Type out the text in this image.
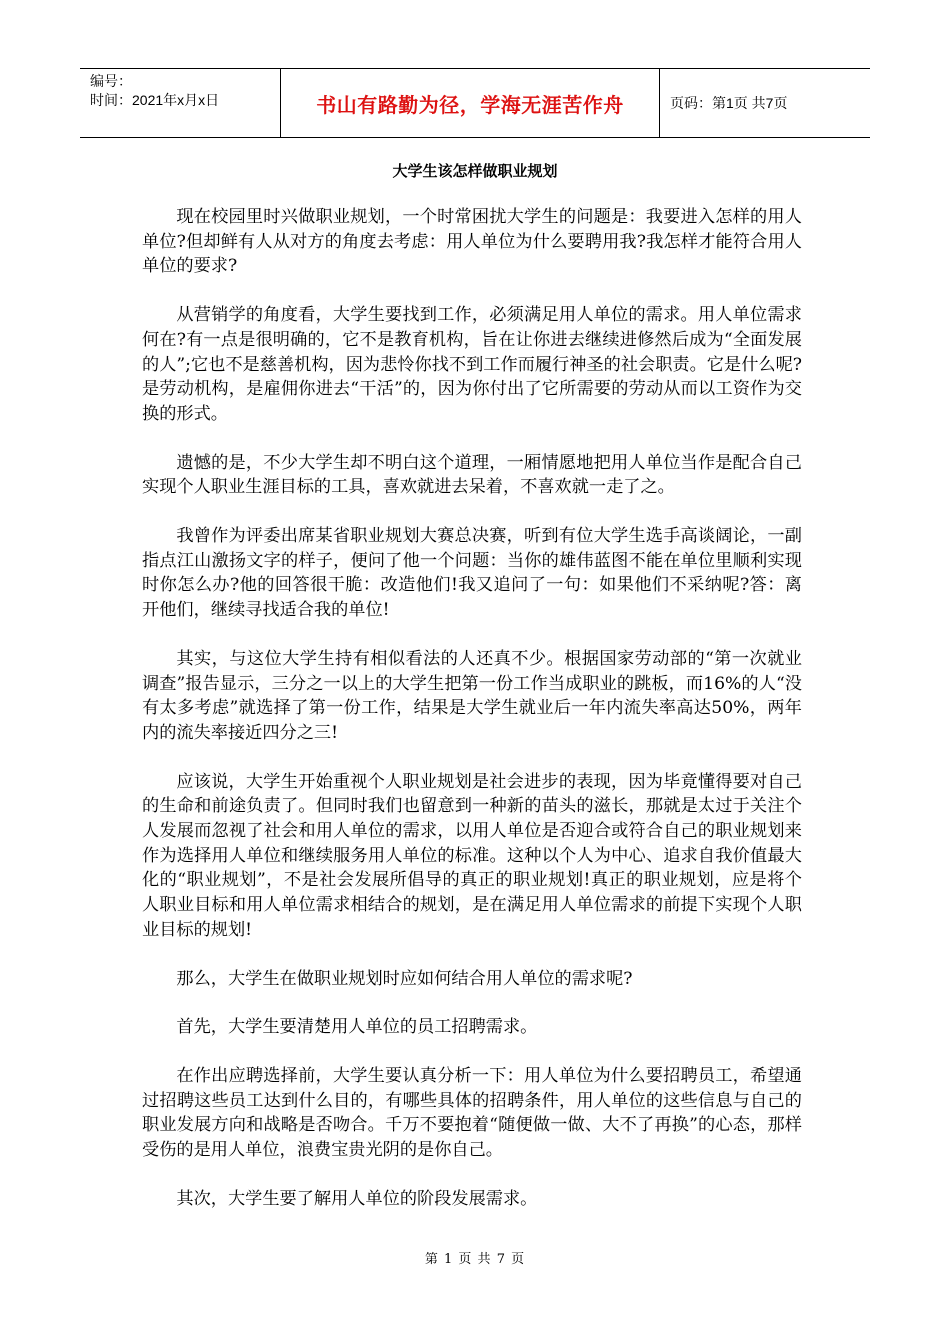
编号：
时间：2021年x月x日	书山有路勤为径，学海无涯苦作舟	页码：第1页 共7页
大学生该怎样做职业规划

现在校园里时兴做职业规划，一个时常困扰大学生的问题是：我要进入怎样的用人单位?但却鲜有人从对方的角度去考虑：用人单位为什么要聘用我?我怎样才能符合用人单位的要求?

从营销学的角度看，大学生要找到工作，必须满足用人单位的需求。用人单位需求何在?有一点是很明确的，它不是教育机构，旨在让你进去继续进修然后成为“全面发展的人”;它也不是慈善机构，因为悲怜你找不到工作而履行神圣的社会职责。它是什么呢?是劳动机构，是雇佣你进去“干活”的，因为你付出了它所需要的劳动从而以工资作为交换的形式。

遗憾的是，不少大学生却不明白这个道理，一厢情愿地把用人单位当作是配合自己实现个人职业生涯目标的工具，喜欢就进去呆着，不喜欢就一走了之。

我曾作为评委出席某省职业规划大赛总决赛，听到有位大学生选手高谈阔论，一副指点江山激扬文字的样子，便问了他一个问题：当你的雄伟蓝图不能在单位里顺利实现时你怎么办?他的回答很干脆：改造他们!我又追问了一句：如果他们不采纳呢?答：离开他们，继续寻找适合我的单位!

其实，与这位大学生持有相似看法的人还真不少。根据国家劳动部的“第一次就业调查”报告显示，三分之一以上的大学生把第一份工作当成职业的跳板，而16%的人“没有太多考虑”就选择了第一份工作，结果是大学生就业后一年内流失率高达50%，两年内的流失率接近四分之三!

应该说，大学生开始重视个人职业规划是社会进步的表现，因为毕竟懂得要对自己的生命和前途负责了。但同时我们也留意到一种新的苗头的滋长，那就是太过于关注个人发展而忽视了社会和用人单位的需求，以用人单位是否迎合或符合自己的职业规划来作为选择用人单位和继续服务用人单位的标准。这种以个人为中心、追求自我价值最大化的“职业规划”，不是社会发展所倡导的真正的职业规划!真正的职业规划，应是将个人职业目标和用人单位需求相结合的规划，是在满足用人单位需求的前提下实现个人职业目标的规划!

那么，大学生在做职业规划时应如何结合用人单位的需求呢?

首先，大学生要清楚用人单位的员工招聘需求。

在作出应聘选择前，大学生要认真分析一下：用人单位为什么要招聘员工，希望通过招聘这些员工达到什么目的，有哪些具体的招聘条件，用人单位的这些信息与自己的职业发展方向和战略是否吻合。千万不要抱着“随便做一做、大不了再换”的心态，那样受伤的是用人单位，浪费宝贵光阴的是你自己。

其次，大学生要了解用人单位的阶段发展需求。

第 1 页 共 7 页
